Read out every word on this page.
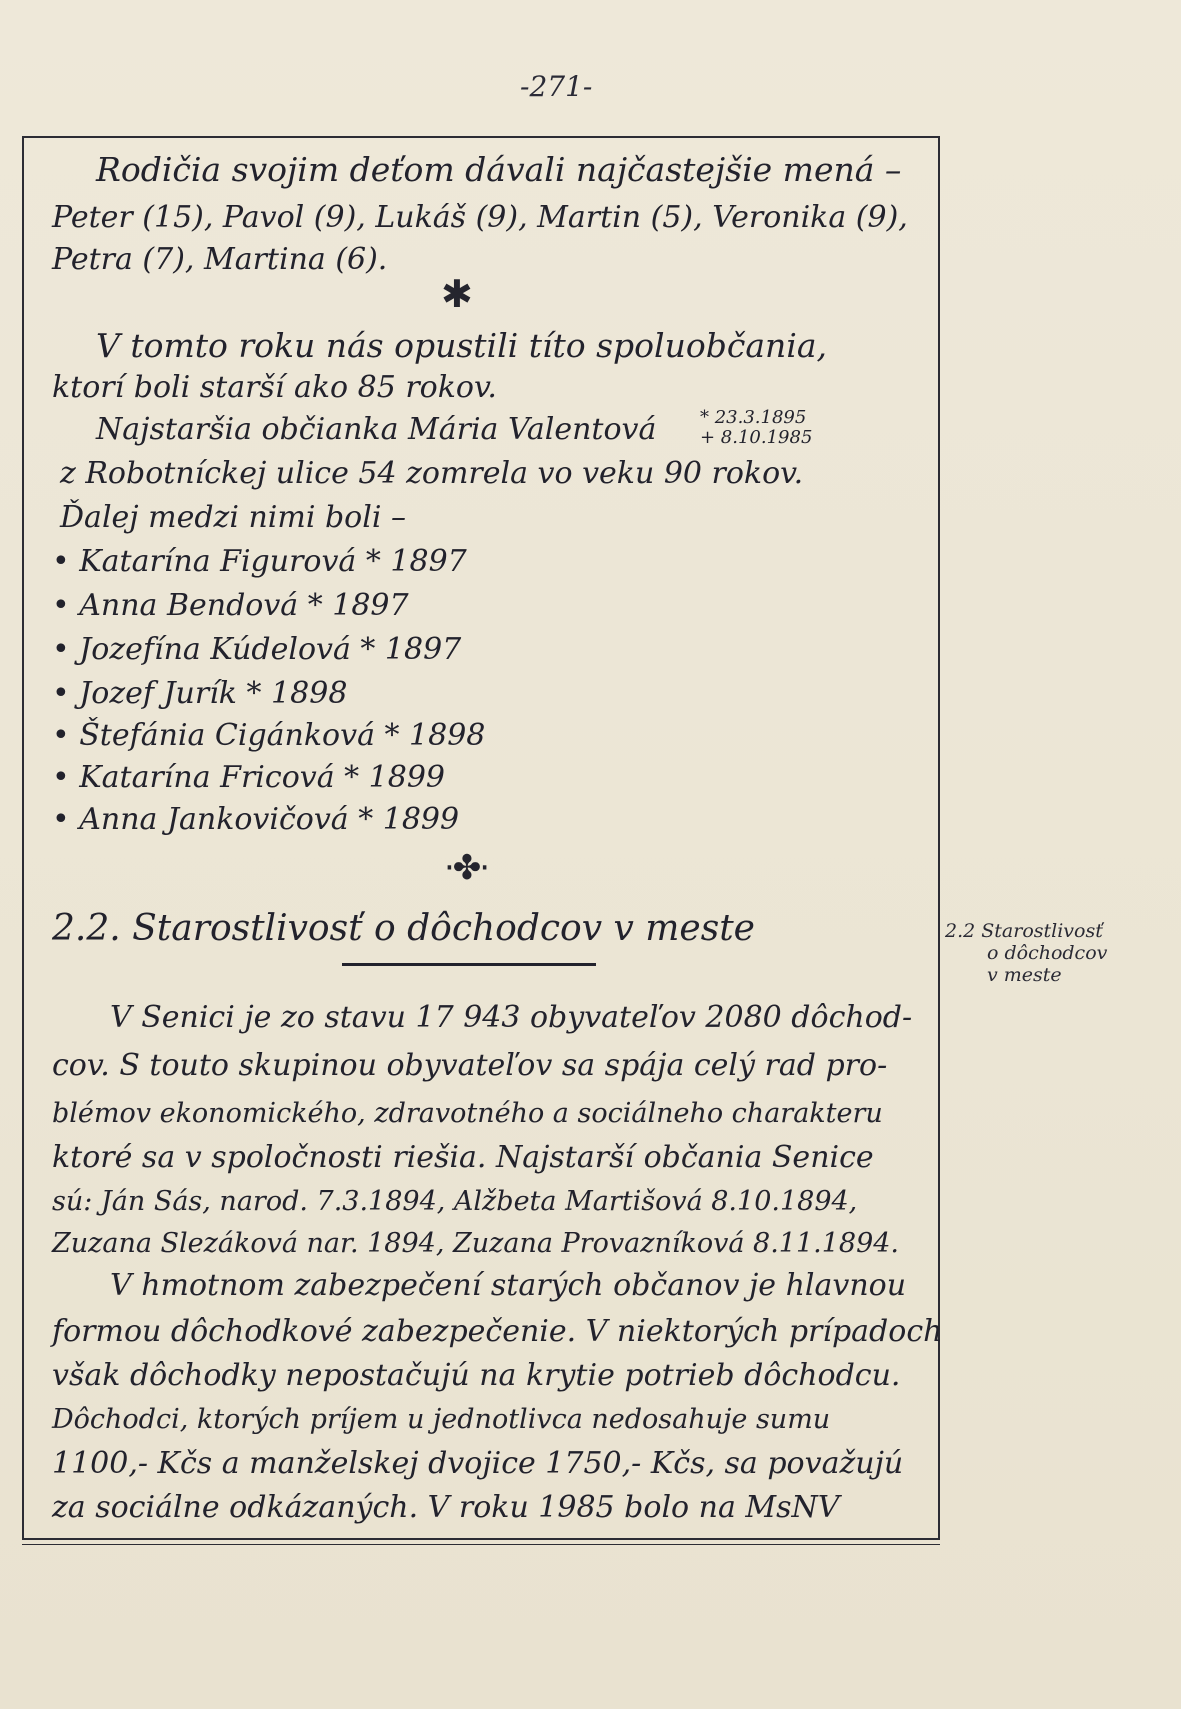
-271-
Rodičia svojim deťom dávali najčastejšie mená –
Peter (15), Pavol (9), Lukáš (9), Martin (5), Veronika (9),
Petra (7), Martina (6).
✱
V tomto roku nás opustili títo spoluobčania,
ktorí boli starší ako 85 rokov.
Najstaršia občianka Mária Valentová * 23.3.1895
+ 8.10.1985
z Robotníckej ulice 54 zomrela vo veku 90 rokov.
Ďalej medzi nimi boli –
• Katarína Figurová * 1897
• Anna Bendová * 1897
• Jozefína Kúdelová * 1897
• Jozef Jurík * 1898
• Štefánia Cigánková * 1898
• Katarína Fricová * 1899
• Anna Jankovičová * 1899
·✤·
2.2. Starostlivosť o dôchodcov v meste
V Senici je zo stavu 17 943 obyvateľov 2080 dôchod-
cov. S touto skupinou obyvateľov sa spája celý rad pro-
blémov ekonomického, zdravotného a sociálneho charakteru
ktoré sa v spoločnosti riešia. Najstarší občania Senice
sú: Ján Sás, narod. 7.3.1894, Alžbeta Martišová 8.10.1894,
Zuzana Slezáková nar. 1894, Zuzana Provazníková 8.11.1894.
V hmotnom zabezpečení starých občanov je hlavnou
formou dôchodkové zabezpečenie. V niektorých prípadoch
však dôchodky nepostačujú na krytie potrieb dôchodcu.
Dôchodci, ktorých príjem u jednotlivca nedosahuje sumu
1100,- Kčs a manželskej dvojice 1750,- Kčs, sa považujú
za sociálne odkázaných. V roku 1985 bolo na MsNV
2.2 Starostlivosť
o dôchodcov
v meste
